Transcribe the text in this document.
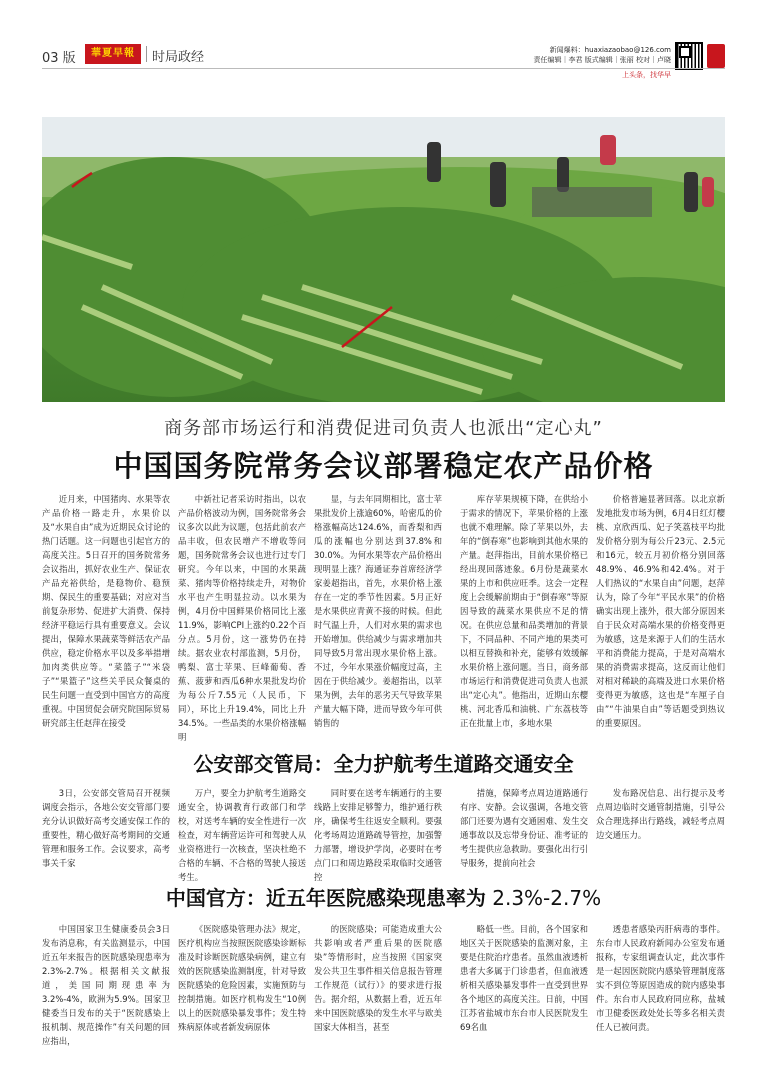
03 版	華夏早報	时局政经	新闻爆料：huaxiazaobao@126.com
责任编辑｜李君 版式编辑｜张丽 校对｜卢晓
上头条，找华早
商务部市场运行和消费促进司负责人也派出“定心丸”
中国国务院常务会议部署稳定农产品价格

近月来，中国猪肉、水果等农产品价格一路走升，水果价以及“水果自由”成为近期民众讨论的热门话题。这一问题也引起官方的高度关注。5日召开的国务院常务会议指出，抓好农业生产、保证农产品充裕供给，是稳物价、稳预期、保民生的重要基础；对应对当前复杂形势、促进扩大消费、保持经济平稳运行具有重要意义。会议提出，保障水果蔬菜等鲜活农产品供应，稳定价格水平以及多举措增加肉类供应等。“菜篮子”“米袋子”“果篮子”这些关乎民众餐桌的民生问题一直受到中国官方的高度重视。中国贸促会研究院国际贸易研究部主任赵萍在接受

中新社记者采访时指出，以农产品价格波动为例，国务院常务会议多次以此为议题，包括此前农产品丰收，但农民增产不增收等问题，国务院常务会议也进行过专门研究。今年以来，中国的水果蔬菜、猪肉等价格持续走升，对物价水平也产生明显拉动。以水果为例，4月份中国鲜果价格同比上涨11.9%，影响CPI上涨约0.22个百分点。5月份，这一涨势仍在持续。据农业农村部监测，5月份，鸭梨、富士苹果、巨峰葡萄、香蕉、菠萝和西瓜6种水果批发均价为每公斤7.55元（人民币，下同），环比上升19.4%，同比上升34.5%。一些品类的水果价格涨幅明

显，与去年同期相比，富士苹果批发价上涨逾60%，哈密瓜的价格涨幅高达124.6%，而香梨和西瓜的涨幅也分别达到37.8%和30.0%。为何水果等农产品价格出现明显上涨？海通证券首席经济学家姜超指出，首先，水果价格上涨存在一定的季节性因素。5月正好是水果供应青黄不接的时候。但此时气温上升，人们对水果的需求也开始增加。供给减少与需求增加共同导致5月常出现水果价格上涨。不过，今年水果涨价幅度过高，主因在于供给减少。姜超指出，以苹果为例，去年的恶劣天气导致苹果产量大幅下降，进而导致今年可供销售的

库存苹果规模下降，在供给小于需求的情况下，苹果价格的上涨也就不难理解。除了苹果以外，去年的“倒春寒”也影响到其他水果的产量。赵萍指出，目前水果价格已经出现回落迹象。6月份是蔬菜水果的上市和供应旺季。这会一定程度上会缓解前期由于“倒春寒”等原因导致的蔬菜水果供应不足的情况。在供应总量和品类增加的背景下，不同品种、不同产地的果类可以相互替换和补充，能够有效缓解水果价格上涨问题。当日，商务部市场运行和消费促进司负责人也派出“定心丸”。他指出，近期山东樱桃、河北香瓜和油桃、广东荔枝等正在批量上市，多地水果

价格普遍显著回落。以北京新发地批发市场为例，6月4日红灯樱桃、京欣西瓜、妃子笑荔枝平均批发价格分别为每公斤23元、2.5元和16元，较五月初价格分别回落48.9%、46.9%和42.4%。对于人们热议的“水果自由”问题，赵萍认为，除了今年“平民水果”的价格确实出现上涨外，很大部分原因来自于民众对高端水果的价格变得更为敏感，这是来源于人们的生活水平和消费能力提高，于是对高端水果的消费需求提高，这反而让他们对相对稀缺的高端及进口水果价格变得更为敏感，这也是“车厘子自由”“牛油果自由”等话题受到热议的重要原因。

公安部交管局：全力护航考生道路交通安全

3日，公安部交管局召开视频调度会指示，各地公安交管部门要充分认识做好高考交通安保工作的重要性，精心做好高考期间的交通管理和服务工作。会议要求，高考事关千家

万户，要全力护航考生道路交通安全，协调教育行政部门和学校，对送考车辆的安全性进行一次检查，对车辆营运许可和驾驶人从业资格进行一次核查，坚决杜绝不合格的车辆、不合格的驾驶人接送考生。

同时要在送考车辆通行的主要线路上安排足够警力，维护通行秩序，确保考生往返安全顺利。要强化考场周边道路疏导管控，加强警力部署，增设护学岗，必要时在考点门口和周边路段采取临时交通管控

措施，保障考点周边道路通行有序、安静。会议强调，各地交管部门还要为遇有交通困难、发生交通事故以及忘带身份证、准考证的考生提供应急救助。要强化出行引导服务，提前向社会

发布路况信息、出行提示及考点周边临时交通管制措施，引导公众合理选择出行路线，减轻考点周边交通压力。

中国官方：近五年医院感染现患率为 2.3%-2.7%

中国国家卫生健康委员会3日发布消息称，有关监测显示，中国近五年来报告的医院感染现患率为2.3%-2.7%。根据相关文献报道，美国同期现患率为3.2%-4%，欧洲为5.9%。国家卫健委当日发布的关于“医院感染上报机制、规范操作”有关问题的回应指出，

《医院感染管理办法》规定，医疗机构应当按照医院感染诊断标准及时诊断医院感染病例，建立有效的医院感染监测制度，针对导致医院感染的危险因素，实施预防与控制措施。如医疗机构发生“10例以上的医院感染暴发事件；发生特殊病原体或者新发病原体

的医院感染；可能造成重大公共影响或者严重后果的医院感染”等情形时，应当按照《国家突发公共卫生事件相关信息报告管理工作规范（试行）》的要求进行报告。据介绍，从数据上看，近五年来中国医院感染的发生水平与欧美国家大体相当，甚至

略低一些。目前，各个国家和地区关于医院感染的监测对象，主要是住院治疗患者。虽然血液透析患者大多属于门诊患者，但血液透析相关感染暴发事件一直受到世界各个地区的高度关注。日前，中国江苏省盐城市东台市人民医院发生69名血

透患者感染丙肝病毒的事件。东台市人民政府新闻办公室发布通报称，专家组调查认定，此次事件是一起因医院院内感染管理制度落实不到位等原因造成的院内感染事件。东台市人民政府同应称，盐城市卫健委医政处处长等多名相关责任人已被问责。
